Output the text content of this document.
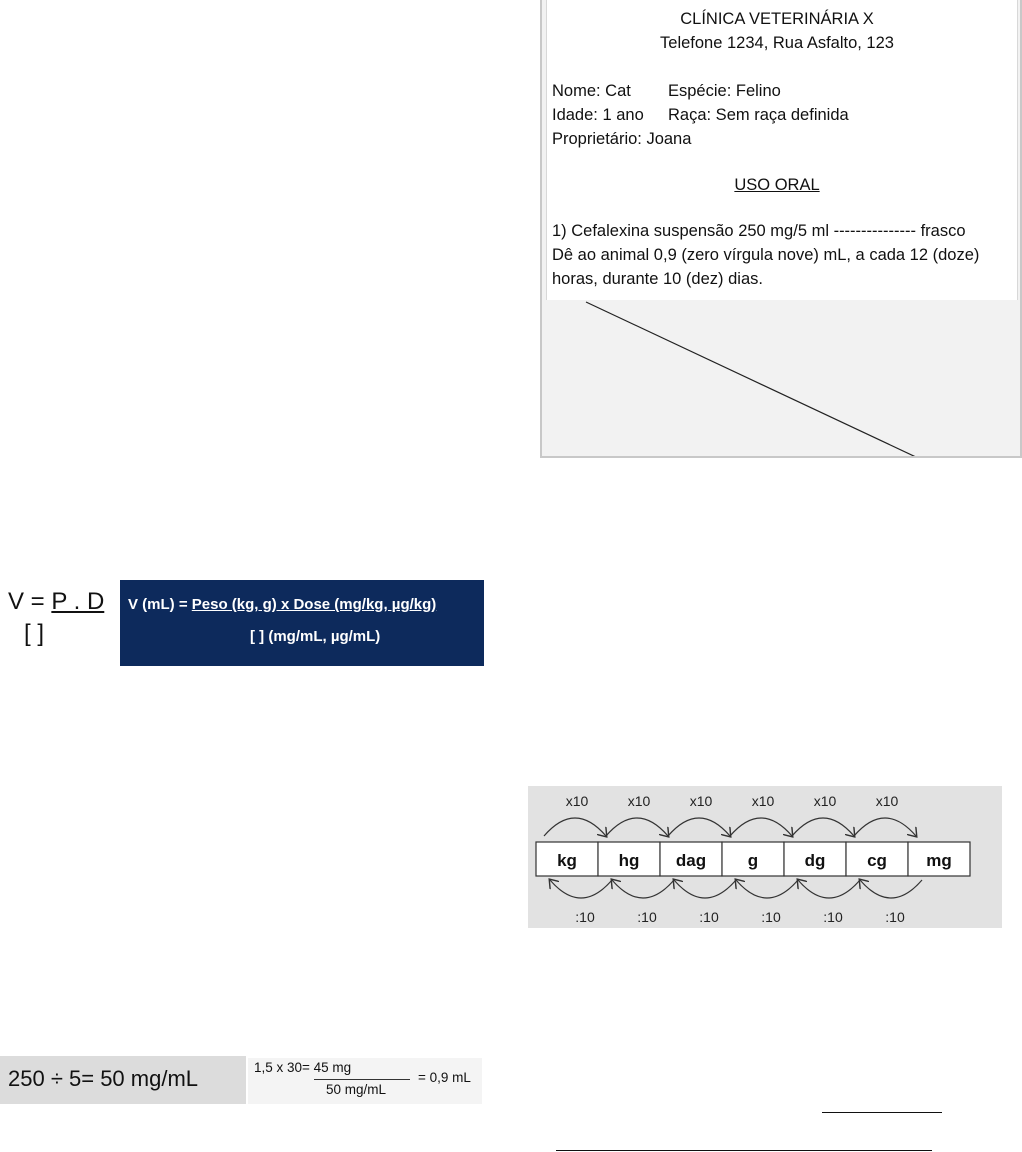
CLÍNICA VETERINÁRIA X
Telefone 1234, Rua Asfalto, 123
Nome: Cat Espécie: Felino
Idade: 1 ano Raça: Sem raça definida
Proprietário: Joana
USO ORAL
1) Cefalexina suspensão 250 mg/5 ml --------------- frasco
Dê ao animal 0,9 (zero vírgula nove) mL, a cada 12 (doze)
horas, durante 10 (dez) dias.
V = P . D
[ ]
V (mL) = Peso (kg, g) x Dose (mg/kg, µg/kg)
[ ] (mg/mL, µg/mL)
kg hg dag g	dg cg mg
x10
:10
x10
:10
x10
:10
x10
:10
x10
:10
x10
:10
250 ÷ 5= 50 mg/mL	1,5 x 30= 45 mg
50 mg/mL
= 0,9 mL
